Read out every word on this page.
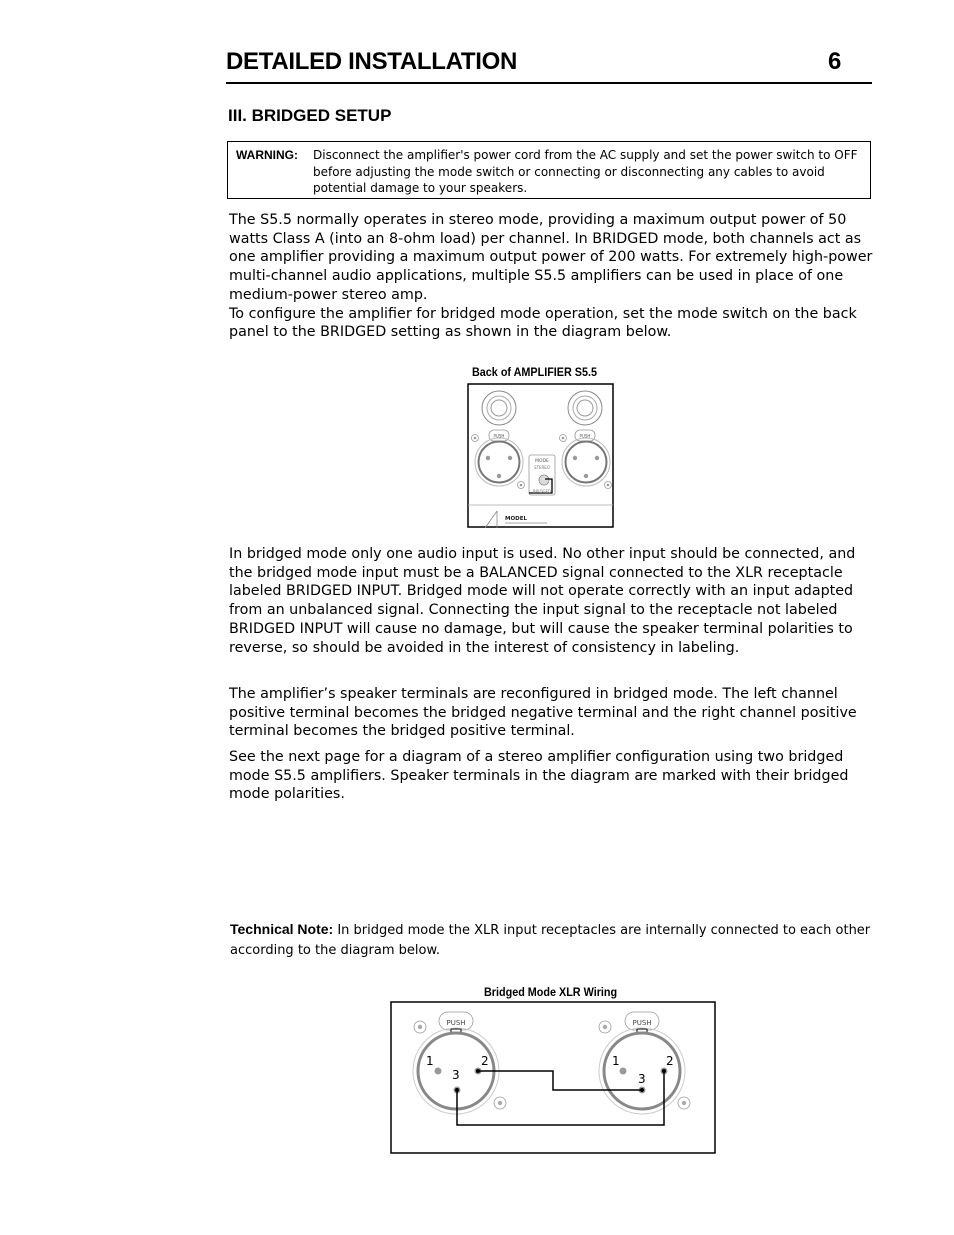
DETAILED INSTALLATION	6
III. BRIDGED SETUP
WARNING: Disconnect the amplifier's power cord from the AC supply and set the power switch to OFF before adjusting the mode switch or connecting or disconnecting any cables to avoid potential damage to your speakers.
The S5.5 normally operates in stereo mode, providing a maximum output power of 50 watts Class A (into an 8-ohm load) per channel. In BRIDGED mode, both channels act as one amplifier providing a maximum output power of 200 watts. For extremely high-power multi-channel audio applications, multiple S5.5 amplifiers can be used in place of one medium-power stereo amp.
To configure the amplifier for bridged mode operation, set the mode switch on the back panel to the BRIDGED setting as shown in the diagram below.
Back of AMPLIFIER S5.5
PUSH	PUSH
MODE
STEREO
BRIDGED
MODEL
In bridged mode only one audio input is used. No other input should be connected, and the bridged mode input must be a BALANCED signal connected to the XLR receptacle labeled BRIDGED INPUT. Bridged mode will not operate correctly with an input adapted from an unbalanced signal. Connecting the input signal to the receptacle not labeled BRIDGED INPUT will cause no damage, but will cause the speaker terminal polarities to reverse, so should be avoided in the interest of consistency in labeling.
The amplifier’s speaker terminals are reconfigured in bridged mode. The left channel positive terminal becomes the bridged negative terminal and the right channel positive terminal becomes the bridged positive terminal.
See the next page for a diagram of a stereo amplifier configuration using two bridged mode S5.5 amplifiers. Speaker terminals in the diagram are marked with their bridged mode polarities.
Technical Note: In bridged mode the XLR input receptacles are internally connected to each other according to the diagram below.
Bridged Mode XLR Wiring
PUSH
1	2
3
PUSH
1	2
3
